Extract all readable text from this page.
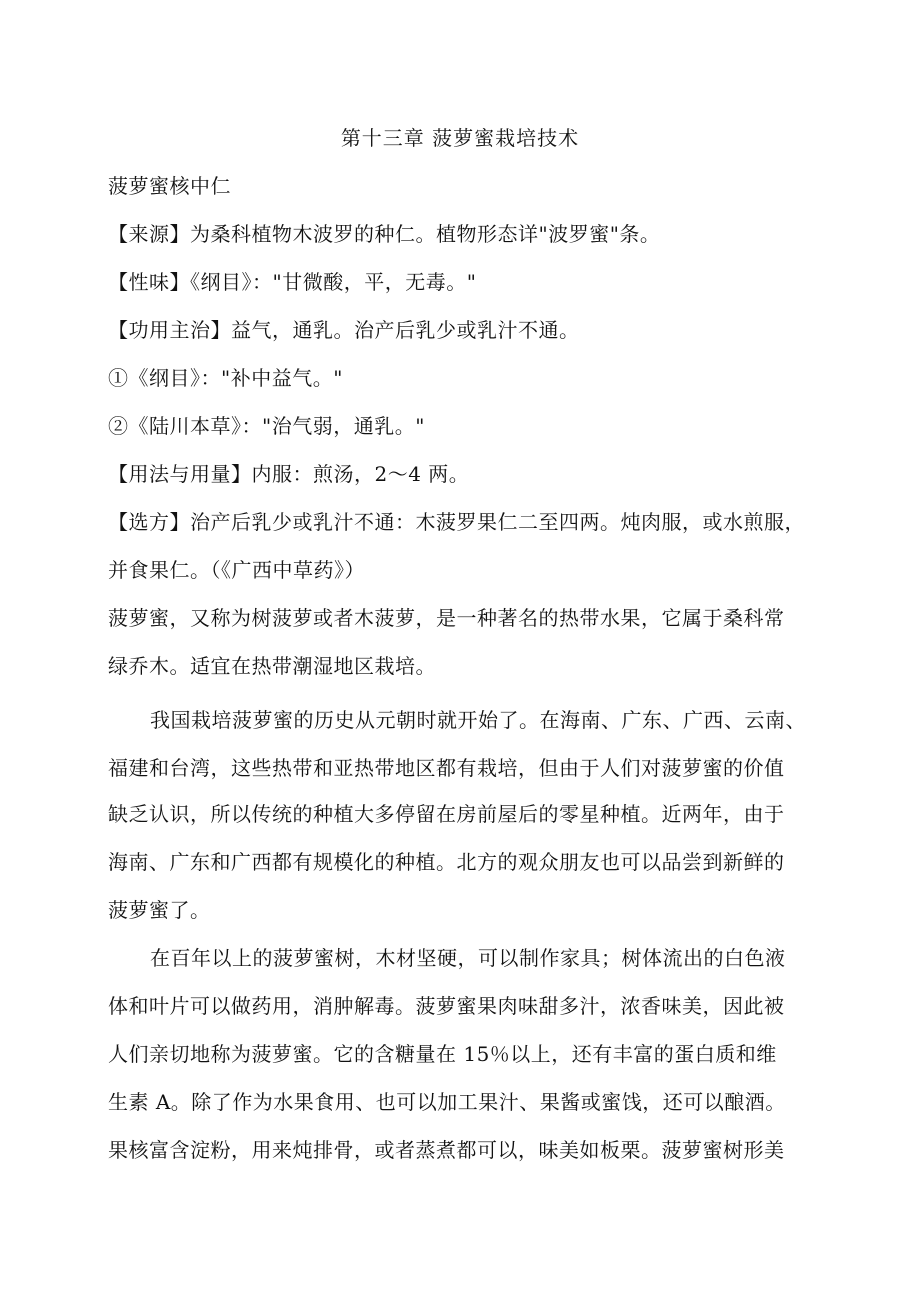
第十三章 菠萝蜜栽培技术
菠萝蜜核中仁
【来源】为桑科植物木波罗的种仁。植物形态详"波罗蜜"条。
【性味】《纲目》："甘微酸，平，无毒。"
【功用主治】益气，通乳。治产后乳少或乳汁不通。
①《纲目》："补中益气。"
②《陆川本草》："治气弱，通乳。"
【用法与用量】内服：煎汤，2～4 两。
【选方】治产后乳少或乳汁不通：木菠罗果仁二至四两。炖肉服，或水煎服，
并食果仁。（《广西中草药》）
菠萝蜜，又称为树菠萝或者木菠萝，是一种著名的热带水果，它属于桑科常
绿乔木。适宜在热带潮湿地区栽培。
我国栽培菠萝蜜的历史从元朝时就开始了。在海南、广东、广西、云南、
福建和台湾，这些热带和亚热带地区都有栽培，但由于人们对菠萝蜜的价值
缺乏认识，所以传统的种植大多停留在房前屋后的零星种植。近两年，由于
海南、广东和广西都有规模化的种植。北方的观众朋友也可以品尝到新鲜的
菠萝蜜了。
在百年以上的菠萝蜜树，木材坚硬，可以制作家具；树体流出的白色液
体和叶片可以做药用，消肿解毒。菠萝蜜果肉味甜多汁，浓香味美，因此被
人们亲切地称为菠萝蜜。它的含糖量在 15％以上，还有丰富的蛋白质和维
生素 A。除了作为水果食用、也可以加工果汁、果酱或蜜饯，还可以酿酒。
果核富含淀粉，用来炖排骨，或者蒸煮都可以，味美如板栗。菠萝蜜树形美
